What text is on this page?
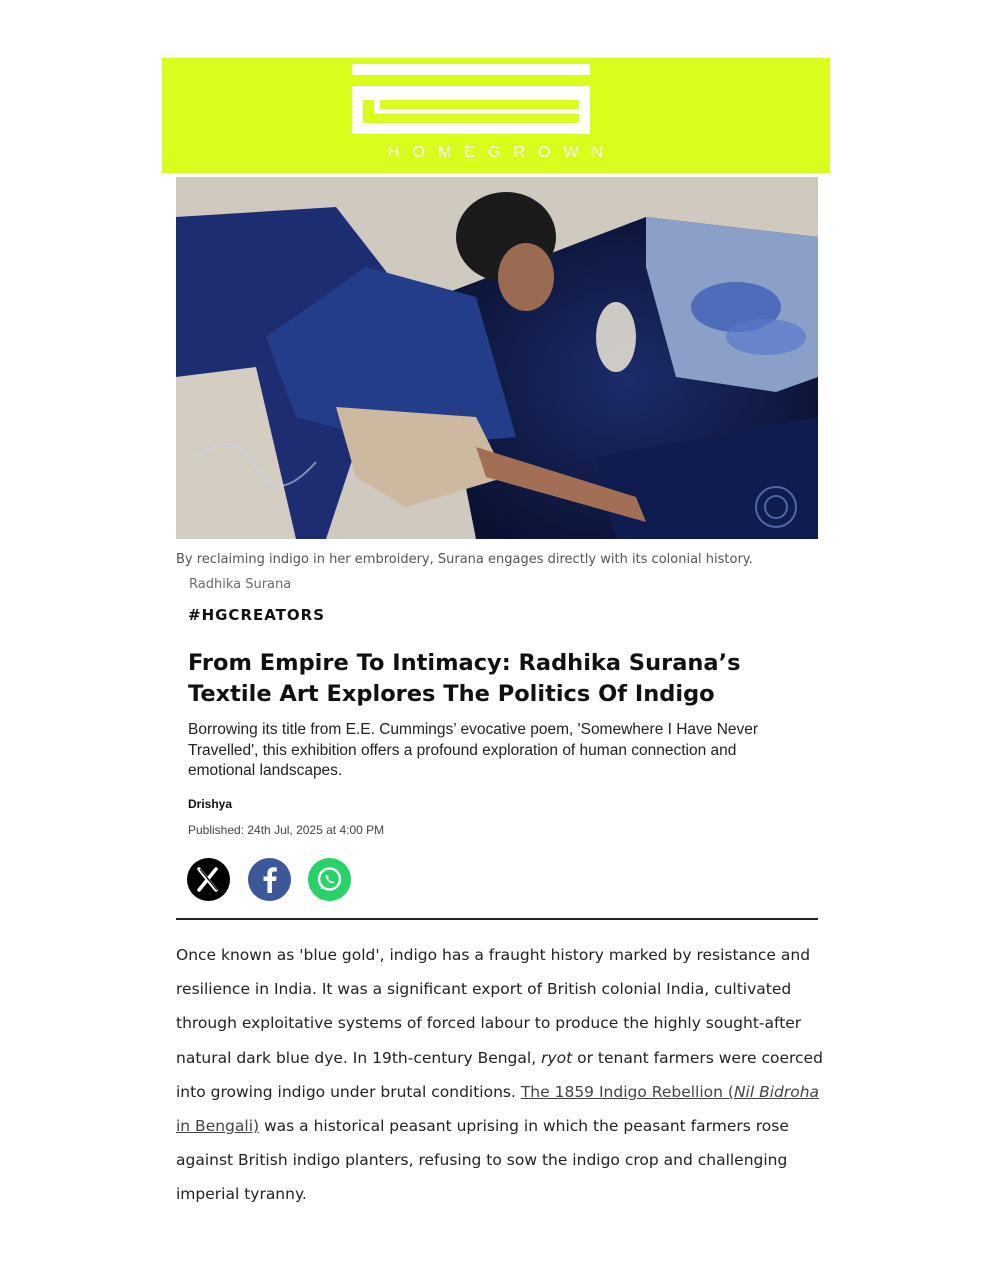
HOMEGROWN
By reclaiming indigo in her embroidery, Surana engages directly with its colonial history.
Radhika Surana
#HGCREATORS
From Empire To Intimacy: Radhika Surana’s
Textile Art Explores The Politics Of Indigo

Borrowing its title from E.E. Cummings’ evocative poem, 'Somewhere I Have Never Travelled', this exhibition offers a profound exploration of human connection and emotional landscapes.

Drishya
Published: 24th Jul, 2025 at 4:00 PM

Once known as 'blue gold', indigo has a fraught history marked by resistance and resilience in India. It was a significant export of British colonial India, cultivated through exploitative systems of forced labour to produce the highly sought-after natural dark blue dye. In 19th-century Bengal, ryot or tenant farmers were coerced into growing indigo under brutal conditions. The 1859 Indigo Rebellion (Nil Bidroha in Bengali) was a historical peasant uprising in which the peasant farmers rose against British indigo planters, refusing to sow the indigo crop and challenging imperial tyranny.
